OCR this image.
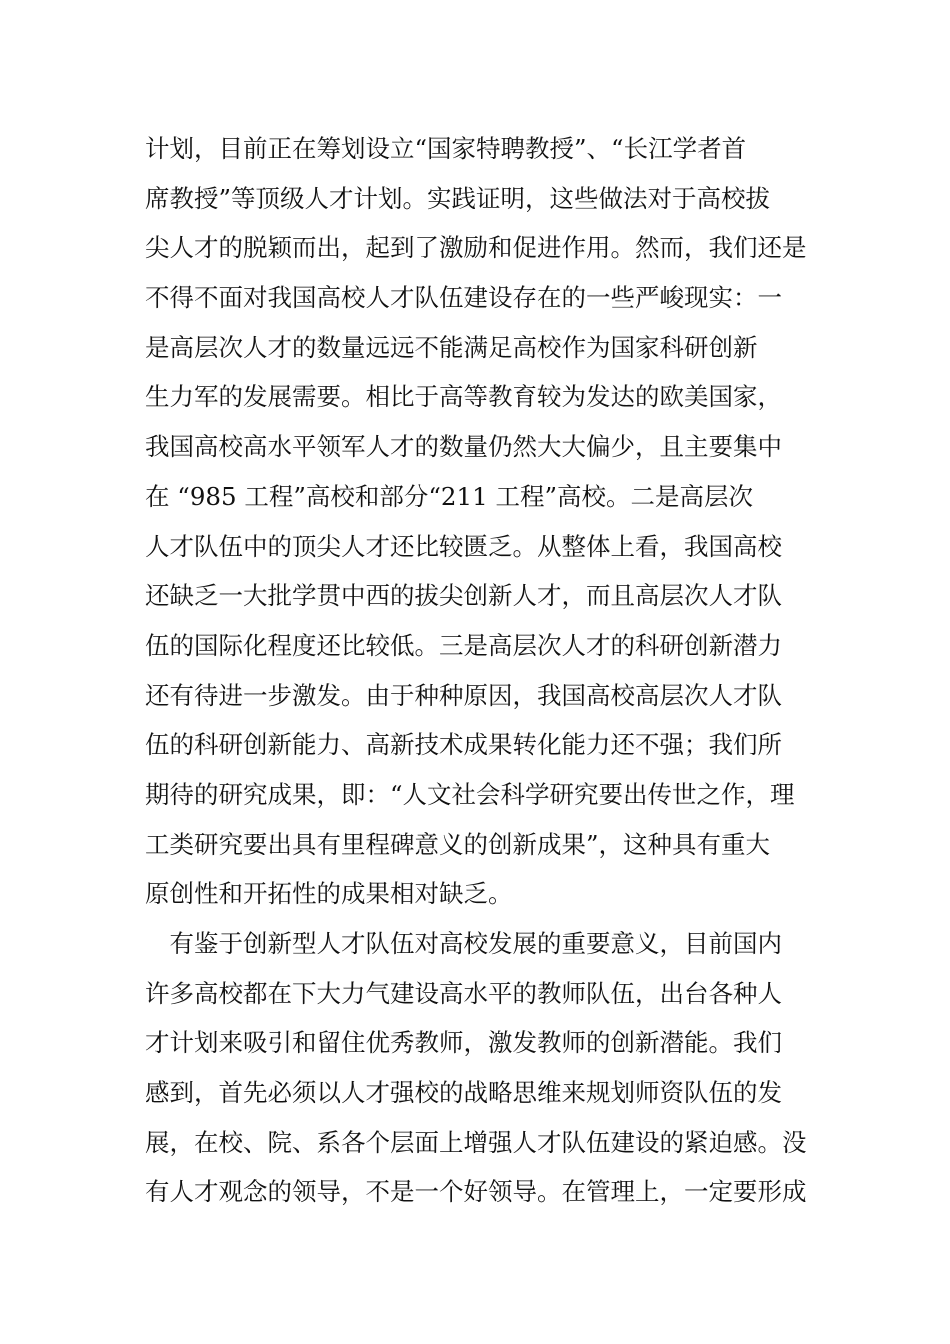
计划，目前正在筹划设立“国家特聘教授”、“长江学者首
席教授”等顶级人才计划。实践证明，这些做法对于高校拔
尖人才的脱颖而出，起到了激励和促进作用。然而，我们还是
不得不面对我国高校人才队伍建设存在的一些严峻现实：一
是高层次人才的数量远远不能满足高校作为国家科研创新
生力军的发展需要。相比于高等教育较为发达的欧美国家，
我国高校高水平领军人才的数量仍然大大偏少，且主要集中
在 “985 工程”高校和部分“211 工程”高校。二是高层次
人才队伍中的顶尖人才还比较匮乏。从整体上看，我国高校
还缺乏一大批学贯中西的拔尖创新人才，而且高层次人才队
伍的国际化程度还比较低。三是高层次人才的科研创新潜力
还有待进一步激发。由于种种原因，我国高校高层次人才队
伍的科研创新能力、高新技术成果转化能力还不强；我们所
期待的研究成果，即：“人文社会科学研究要出传世之作，理
工类研究要出具有里程碑意义的创新成果”，这种具有重大
原创性和开拓性的成果相对缺乏。
　有鉴于创新型人才队伍对高校发展的重要意义，目前国内
许多高校都在下大力气建设高水平的教师队伍，出台各种人
才计划来吸引和留住优秀教师，激发教师的创新潜能。我们
感到，首先必须以人才强校的战略思维来规划师资队伍的发
展，在校、院、系各个层面上增强人才队伍建设的紧迫感。没
有人才观念的领导，不是一个好领导。在管理上，一定要形成
